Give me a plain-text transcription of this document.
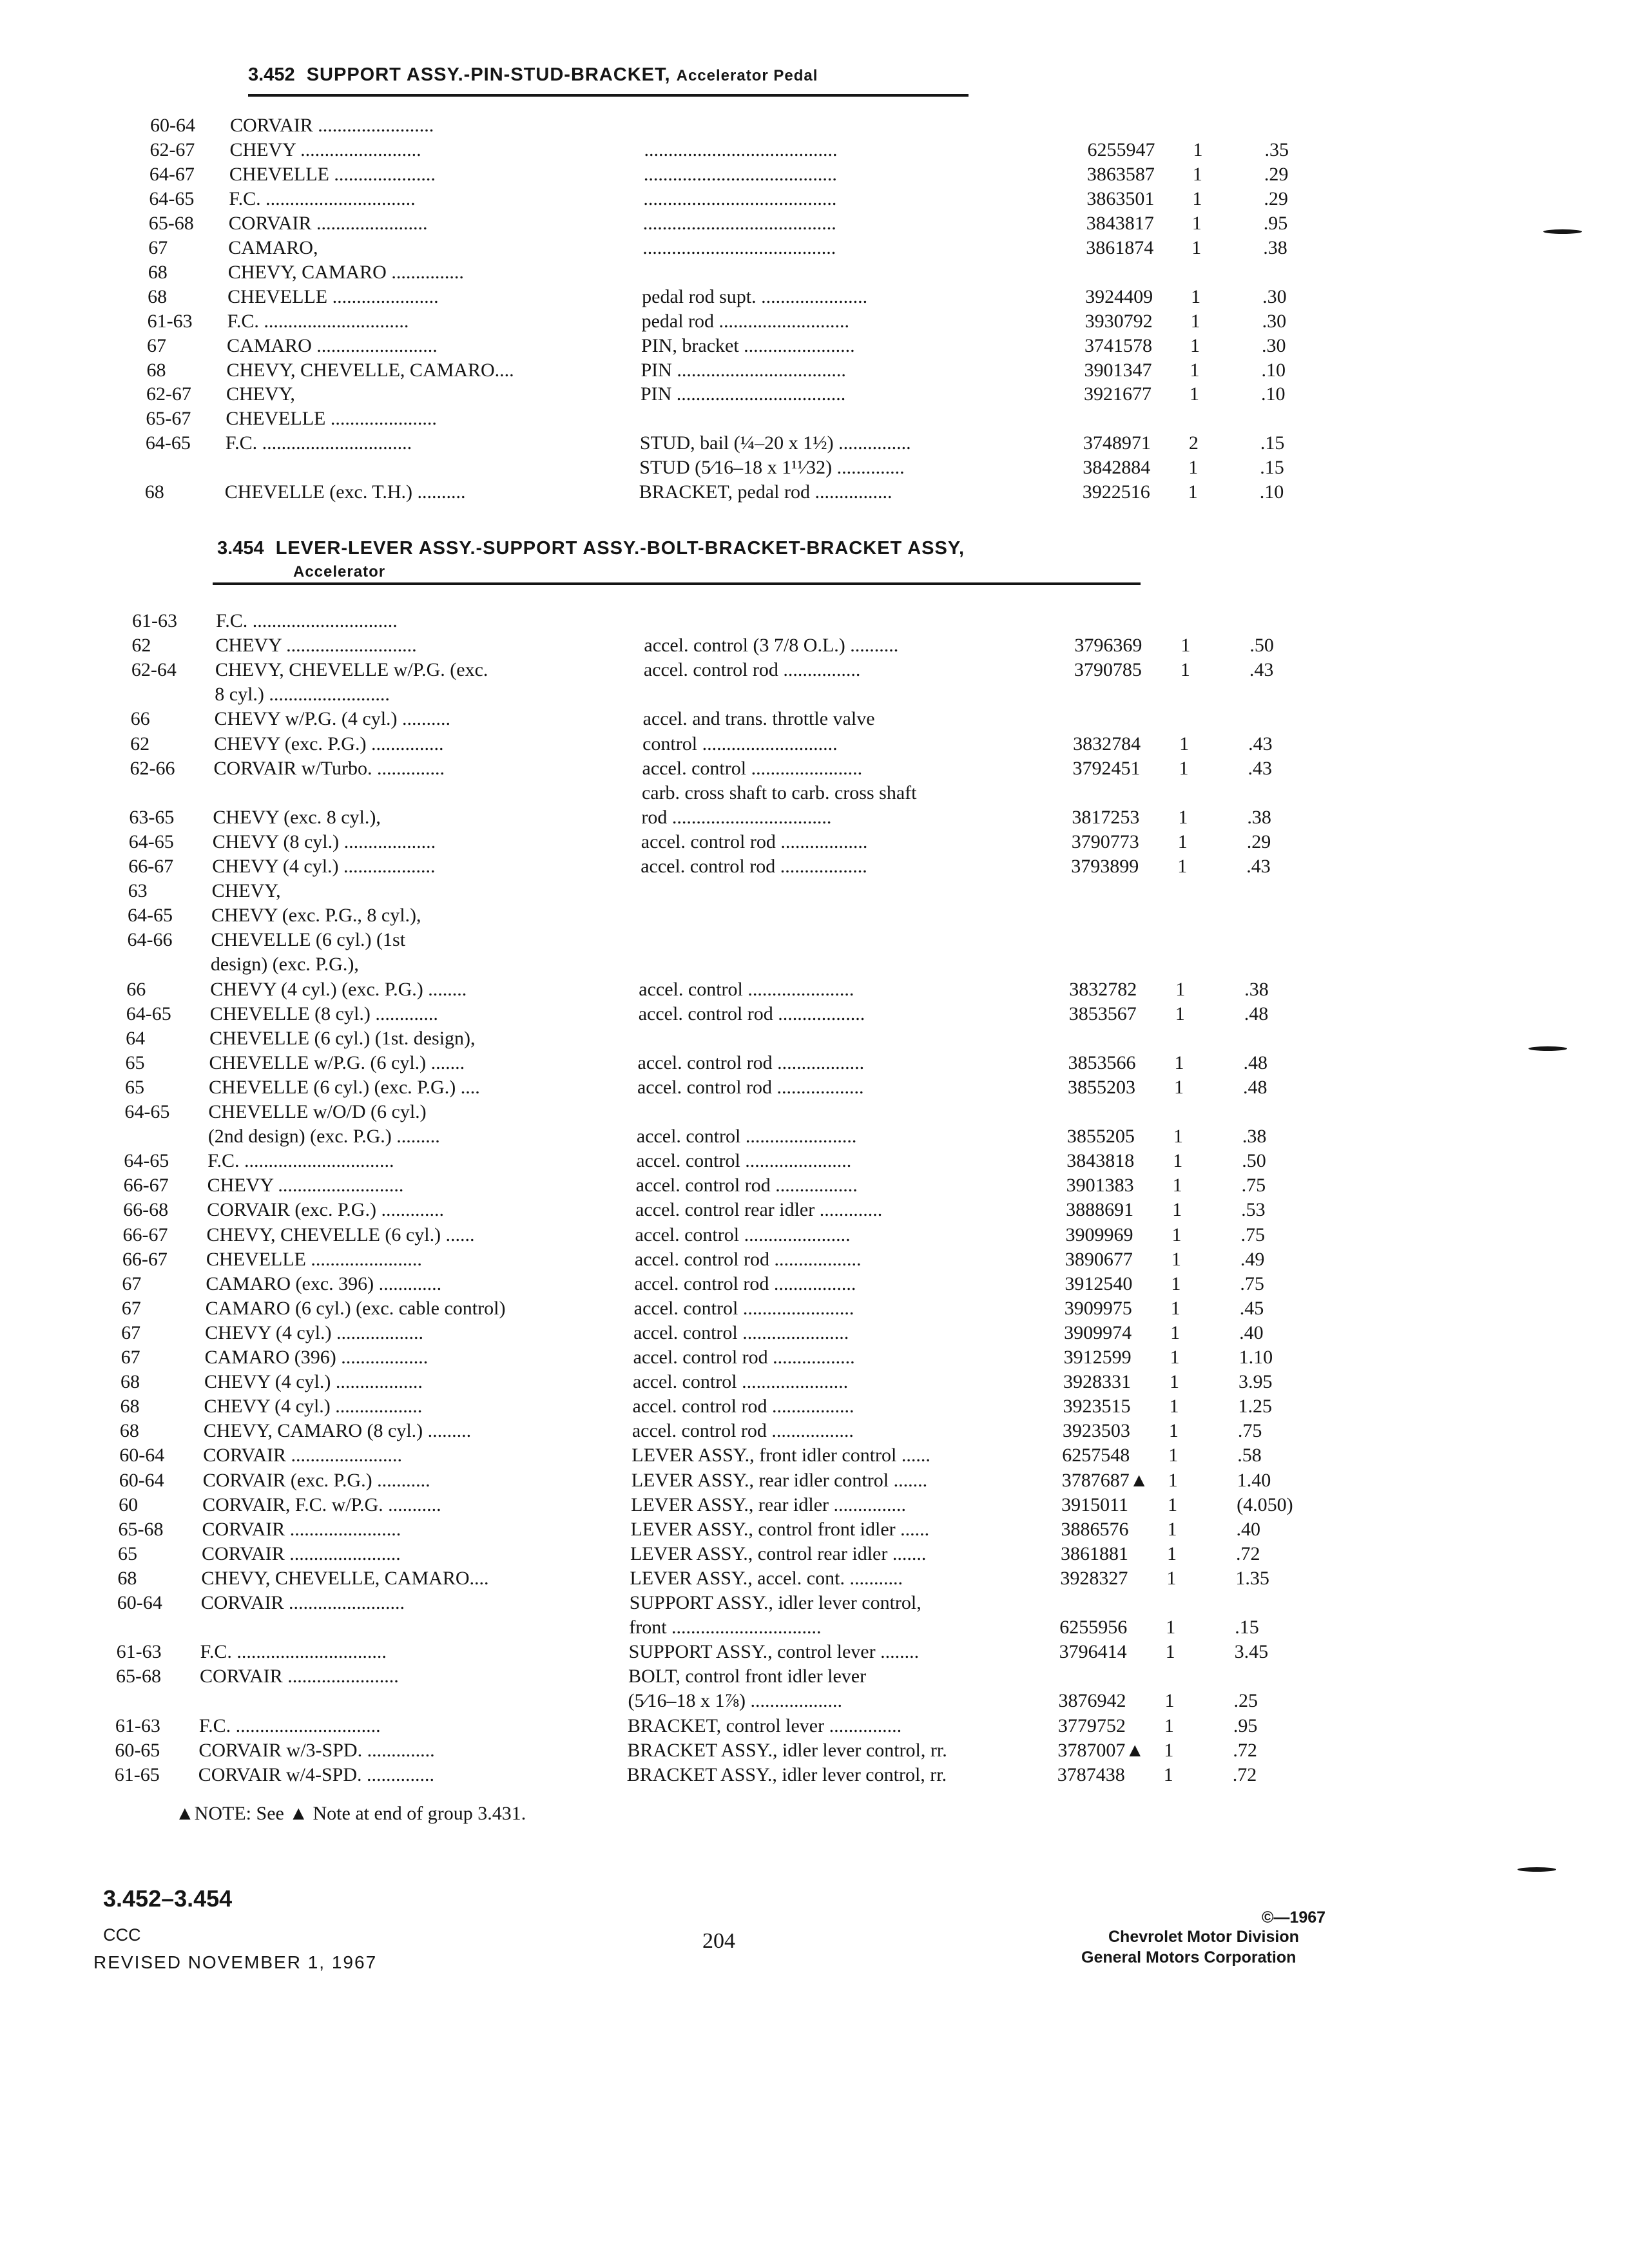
3.452 SUPPORT ASSY.-PIN-STUD-BRACKET, Accelerator Pedal
60-64 CORVAIR ........................
62-67 CHEVY .........................	........................................	6255947 1	.35
64-67 CHEVELLE .....................	........................................	3863587 1	.29
64-65 F.C. ...............................	........................................	3863501 1	.29
65-68 CORVAIR .......................	........................................	3843817 1	.95
67	CAMARO,	........................................	3861874 1	.38
68	CHEVY, CAMARO ...............
68	CHEVELLE ......................	pedal rod supt. ......................	3924409 1	.30
61-63 F.C. ..............................	pedal rod ...........................	3930792 1	.30
67	CAMARO .........................	PIN, bracket .......................	3741578 1	.30
68	CHEVY, CHEVELLE, CAMARO....	PIN ...................................	3901347 1	.10
62-67 CHEVY,	PIN ...................................	3921677 1	.10
65-67 CHEVELLE ......................
64-65 F.C. ...............................	STUD, bail (¼–20 x 1½) ...............	3748971 2	.15
STUD (5⁄16–18 x 1¹¹⁄32) ..............	3842884 1	.15
68	CHEVELLE (exc. T.H.) ..........	BRACKET, pedal rod ................	3922516 1	.10
3.454 LEVER-LEVER ASSY.-SUPPORT ASSY.-BOLT-BRACKET-BRACKET ASSY,
Accelerator
61-63 F.C. ..............................
62	CHEVY ...........................	accel. control (3 7/8 O.L.) ..........	3796369 1	.50
62-64 CHEVY, CHEVELLE w/P.G. (exc.	accel. control rod ................	3790785 1	.43
8 cyl.) .........................
66	CHEVY w/P.G. (4 cyl.) ..........	accel. and trans. throttle valve
62	CHEVY (exc. P.G.) ...............	control ............................	3832784 1	.43
62-66 CORVAIR w/Turbo. ..............	accel. control .......................	3792451 1	.43
carb. cross shaft to carb. cross shaft
63-65 CHEVY (exc. 8 cyl.),	rod .................................	3817253 1	.38
64-65 CHEVY (8 cyl.) ...................	accel. control rod ..................	3790773 1	.29
66-67 CHEVY (4 cyl.) ...................	accel. control rod ..................	3793899 1	.43
63	CHEVY,
64-65 CHEVY (exc. P.G., 8 cyl.),
64-66 CHEVELLE (6 cyl.) (1st
design) (exc. P.G.),
66	CHEVY (4 cyl.) (exc. P.G.) ........	accel. control ......................	3832782 1	.38
64-65 CHEVELLE (8 cyl.) .............	accel. control rod ..................	3853567 1	.48
64	CHEVELLE (6 cyl.) (1st. design),
65	CHEVELLE w/P.G. (6 cyl.) .......	accel. control rod ..................	3853566 1	.48
65	CHEVELLE (6 cyl.) (exc. P.G.) ....	accel. control rod ..................	3855203 1	.48
64-65 CHEVELLE w/O/D (6 cyl.)
(2nd design) (exc. P.G.) .........	accel. control .......................	3855205 1	.38
64-65 F.C. ...............................	accel. control ......................	3843818 1	.50
66-67 CHEVY ..........................	accel. control rod .................	3901383 1	.75
66-68 CORVAIR (exc. P.G.) .............	accel. control rear idler .............	3888691 1	.53
66-67 CHEVY, CHEVELLE (6 cyl.) ......	accel. control ......................	3909969 1	.75
66-67 CHEVELLE .......................	accel. control rod ..................	3890677 1	.49
67	CAMARO (exc. 396) .............	accel. control rod .................	3912540 1	.75
67	CAMARO (6 cyl.) (exc. cable control)	accel. control .......................	3909975 1	.45
67	CHEVY (4 cyl.) ..................	accel. control ......................	3909974 1	.40
67	CAMARO (396) ..................	accel. control rod .................	3912599 1	1.10
68	CHEVY (4 cyl.) ..................	accel. control ......................	3928331 1	3.95
68	CHEVY (4 cyl.) ..................	accel. control rod .................	3923515 1	1.25
68	CHEVY, CAMARO (8 cyl.) .........	accel. control rod .................	3923503 1	.75
60-64 CORVAIR .......................	LEVER ASSY., front idler control ......	6257548 1	.58
60-64 CORVAIR (exc. P.G.) ...........	LEVER ASSY., rear idler control .......	3787687▲ 1	1.40
60	CORVAIR, F.C. w/P.G. ...........	LEVER ASSY., rear idler ...............	3915011 1	(4.050)
65-68 CORVAIR .......................	LEVER ASSY., control front idler ......	3886576 1	.40
65	CORVAIR .......................	LEVER ASSY., control rear idler .......	3861881 1	.72
68	CHEVY, CHEVELLE, CAMARO....	LEVER ASSY., accel. cont. ...........	3928327 1	1.35
60-64 CORVAIR ........................	SUPPORT ASSY., idler lever control,
front ...............................	6255956 1	.15
61-63 F.C. ...............................	SUPPORT ASSY., control lever ........	3796414 1	3.45
65-68 CORVAIR .......................	BOLT, control front idler lever
(5⁄16–18 x 1⅞) ...................	3876942 1	.25
61-63 F.C. ..............................	BRACKET, control lever ...............	3779752 1	.95
60-65 CORVAIR w/3-SPD. ..............	BRACKET ASSY., idler lever control, rr.	3787007▲ 1	.72
61-65 CORVAIR w/4-SPD. ..............	BRACKET ASSY., idler lever control, rr.	3787438 1	.72
▲NOTE: See ▲ Note at end of group 3.431.
3.452–3.454
CCC
REVISED NOVEMBER 1, 1967
204
©—1967
Chevrolet Motor Division
General Motors Corporation
